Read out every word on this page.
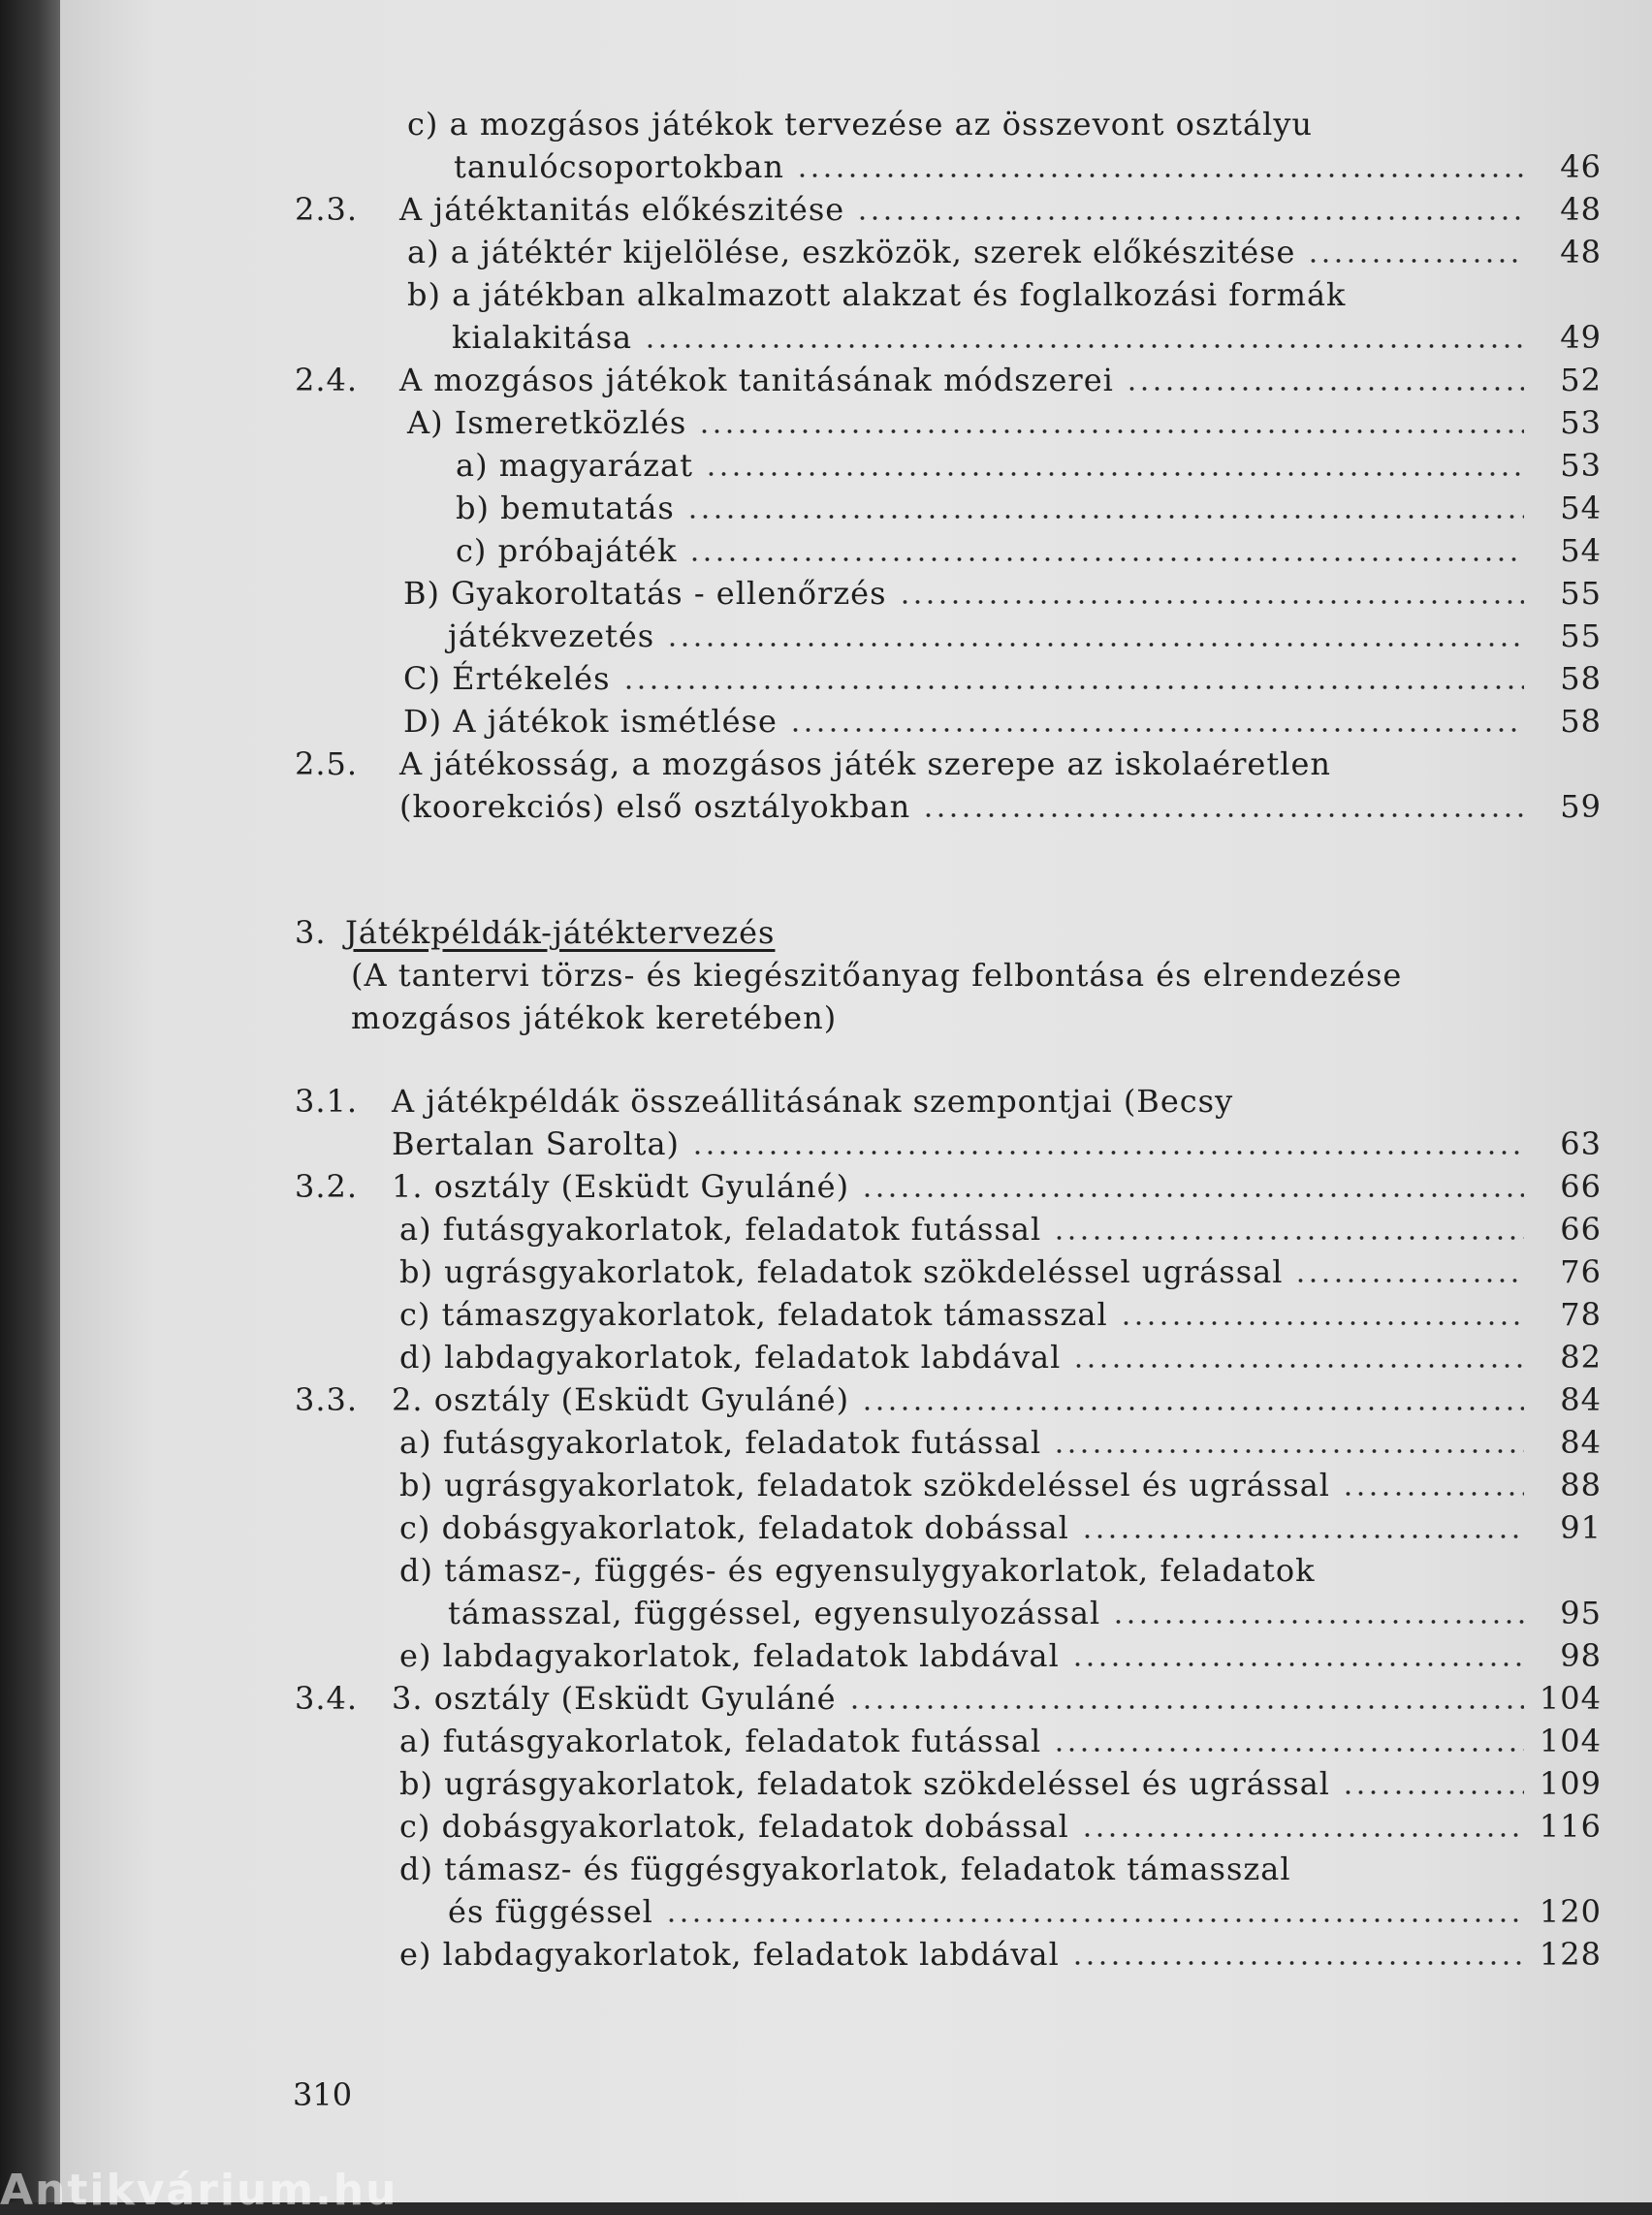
c) a mozgásos játékok tervezése az összevont osztályu
tanulócsoportokban	46
2.3. A játéktanitás előkészitése	48
a) a játéktér kijelölése, eszközök, szerek előkészitése	48
b) a játékban alkalmazott alakzat és foglalkozási formák
kialakitása	49
2.4. A mozgásos játékok tanitásának módszerei	52
A) Ismeretközlés	53
a) magyarázat	53
b) bemutatás	54
c) próbajáték	54
B) Gyakoroltatás - ellenőrzés	55
játékvezetés	55
C) Értékelés	58
D) A játékok ismétlése	58
2.5. A játékosság, a mozgásos játék szerepe az iskolaéretlen
(koorekciós) első osztályokban	59
3. Játékpéldák-játéktervezés
(A tantervi törzs- és kiegészitőanyag felbontása és elrendezése
mozgásos játékok keretében)
3.1. A játékpéldák összeállitásának szempontjai (Becsy
Bertalan Sarolta)	63
3.2. 1. osztály (Esküdt Gyuláné)	66
a) futásgyakorlatok, feladatok futással	66
b) ugrásgyakorlatok, feladatok szökdeléssel ugrással	76
c) támaszgyakorlatok, feladatok támasszal	78
d) labdagyakorlatok, feladatok labdával	82
3.3. 2. osztály (Esküdt Gyuláné)	84
a) futásgyakorlatok, feladatok futással	84
b) ugrásgyakorlatok, feladatok szökdeléssel és ugrással	88
c) dobásgyakorlatok, feladatok dobással	91
d) támasz-, függés- és egyensulygyakorlatok, feladatok
támasszal, függéssel, egyensulyozással	95
e) labdagyakorlatok, feladatok labdával	98
3.4. 3. osztály (Esküdt Gyuláné	104
a) futásgyakorlatok, feladatok futással	104
b) ugrásgyakorlatok, feladatok szökdeléssel és ugrással	109
c) dobásgyakorlatok, feladatok dobással	116
d) támasz- és függésgyakorlatok, feladatok támasszal
és függéssel	120
e) labdagyakorlatok, feladatok labdával	128
310
Antikvárium.hu
